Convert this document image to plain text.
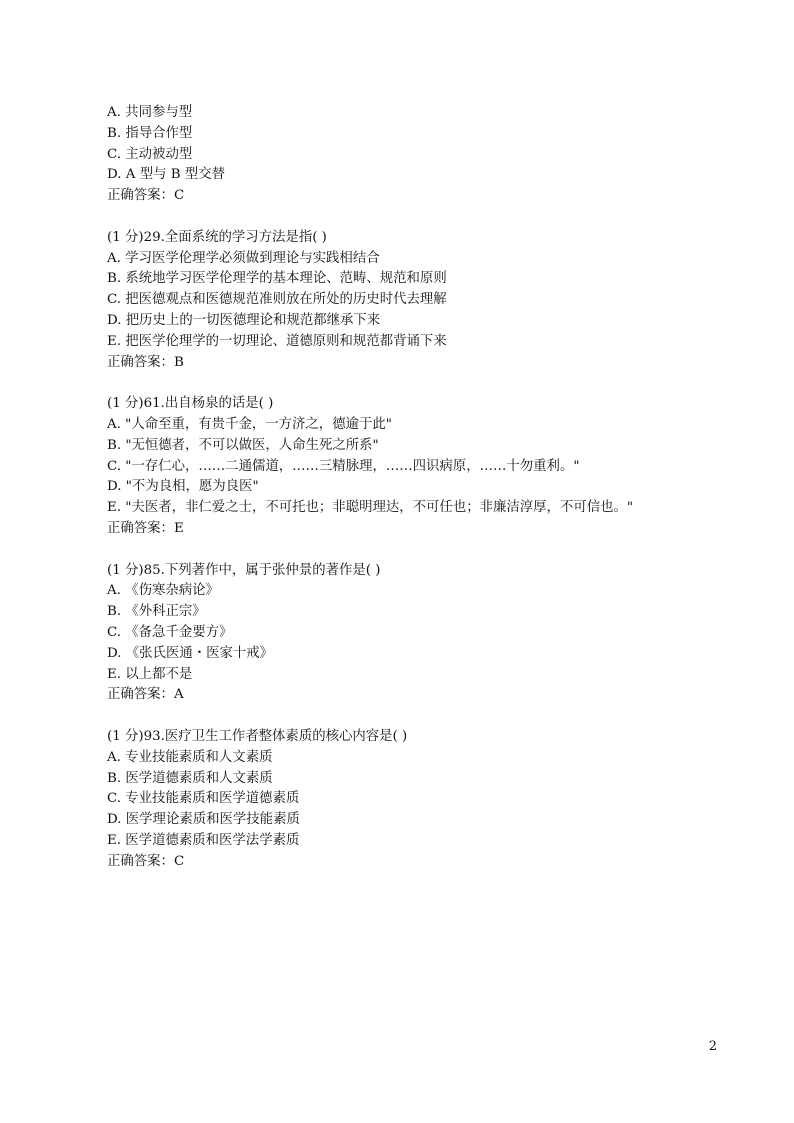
A. 共同参与型
B. 指导合作型
C. 主动被动型
D. A 型与 B 型交替
正确答案：C
(1 分)29.全面系统的学习方法是指( )
A. 学习医学伦理学必须做到理论与实践相结合
B. 系统地学习医学伦理学的基本理论、范畴、规范和原则
C. 把医德观点和医德规范准则放在所处的历史时代去理解
D. 把历史上的一切医德理论和规范都继承下来
E. 把医学伦理学的一切理论、道德原则和规范都背诵下来
正确答案：B
(1 分)61.出自杨泉的话是( )
A. "人命至重，有贵千金，一方济之，德逾于此"
B. "无恒德者，不可以做医，人命生死之所系"
C. "一存仁心，……二通儒道，……三精脉理，……四识病原，……十勿重利。"
D. "不为良相，愿为良医"
E. "夫医者，非仁爱之士，不可托也；非聪明理达，不可任也；非廉洁淳厚，不可信也。"
正确答案：E
(1 分)85.下列著作中，属于张仲景的著作是( )
A. 《伤寒杂病论》
B. 《外科正宗》
C. 《备急千金要方》
D. 《张氏医通・医家十戒》
E. 以上都不是
正确答案：A
(1 分)93.医疗卫生工作者整体素质的核心内容是( )
A. 专业技能素质和人文素质
B. 医学道德素质和人文素质
C. 专业技能素质和医学道德素质
D. 医学理论素质和医学技能素质
E. 医学道德素质和医学法学素质
正确答案：C
2
